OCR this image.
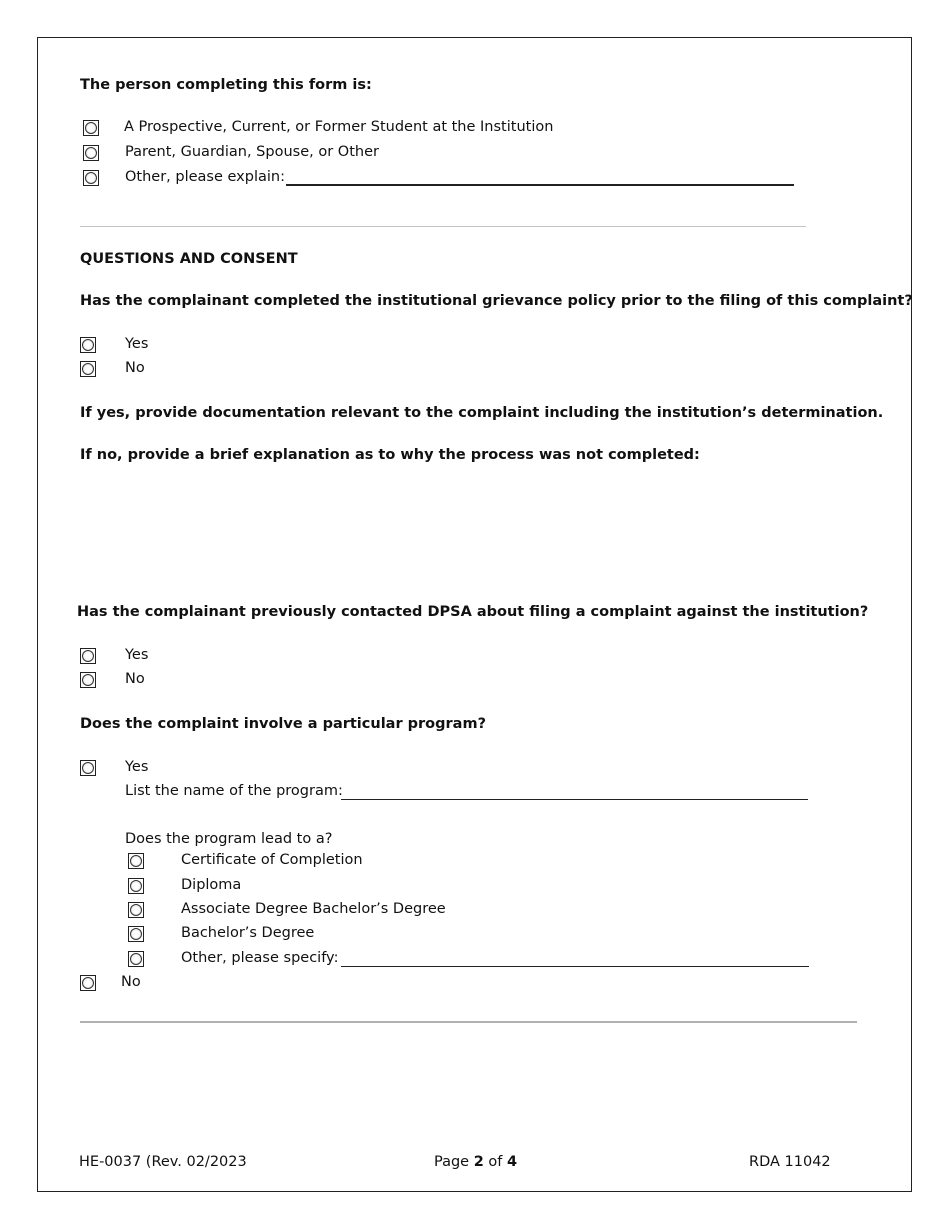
The person completing this form is:
A Prospective, Current, or Former Student at the Institution
Parent, Guardian, Spouse, or Other
Other, please explain:
QUESTIONS AND CONSENT
Has the complainant completed the institutional grievance policy prior to the filing of this complaint?
Yes
No
If yes, provide documentation relevant to the complaint including the institution’s determination.
If no, provide a brief explanation as to why the process was not completed:
Has the complainant previously contacted DPSA about filing a complaint against the institution?
Yes
No
Does the complaint involve a particular program?
Yes
List the name of the program:
Does the program lead to a?
Certificate of Completion
Diploma
Associate Degree Bachelor’s Degree
Bachelor’s Degree
Other, please specify:
No
HE-0037 (Rev. 02/2023	Page 2 of 4	RDA 11042
